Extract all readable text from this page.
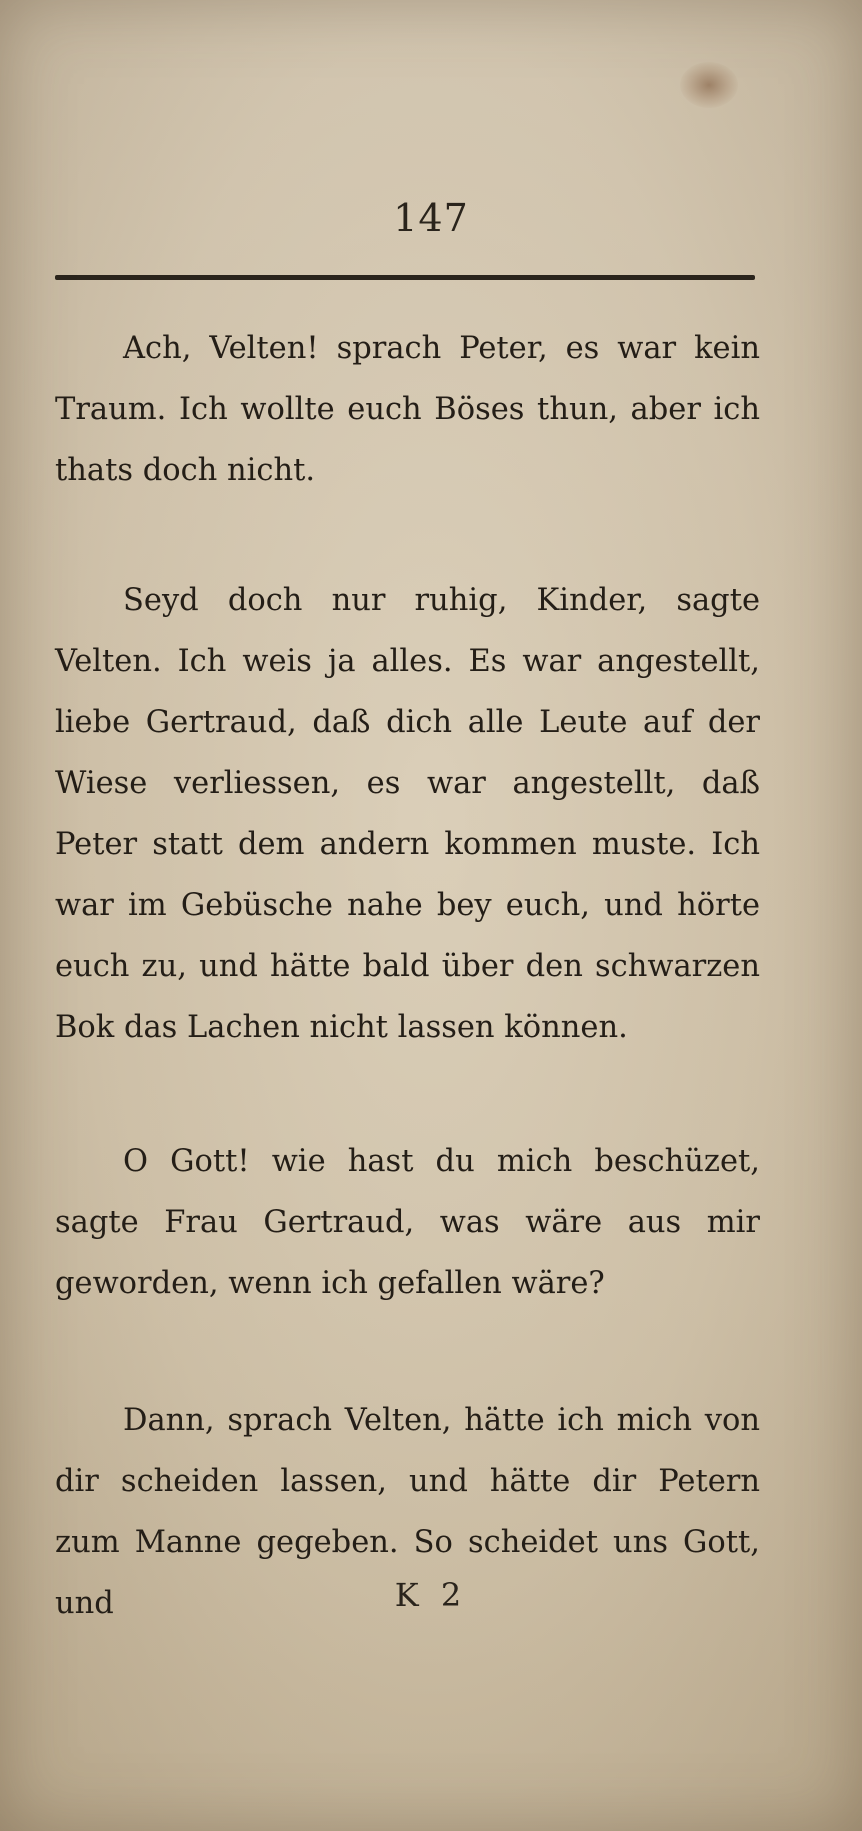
147

Ach, Velten! sprach Peter, es war kein Traum. Ich wollte euch Böses thun, aber ich thats doch nicht.

Seyd doch nur ruhig, Kinder, sagte Velten. Ich weis ja alles. Es war angestellt, liebe Gertraud, daß dich alle Leute auf der Wiese verliessen, es war angestellt, daß Peter statt dem andern kommen muste. Ich war im Gebüsche nahe bey euch, und hörte euch zu, und hätte bald über den schwarzen Bok das Lachen nicht lassen können.

O Gott! wie hast du mich beschüzet, sagte Frau Gertraud, was wäre aus mir geworden, wenn ich gefallen wäre?

Dann, sprach Velten, hätte ich mich von dir scheiden lassen, und hätte dir Petern zum Manne gegeben. So scheidet uns Gott, und	K 2
